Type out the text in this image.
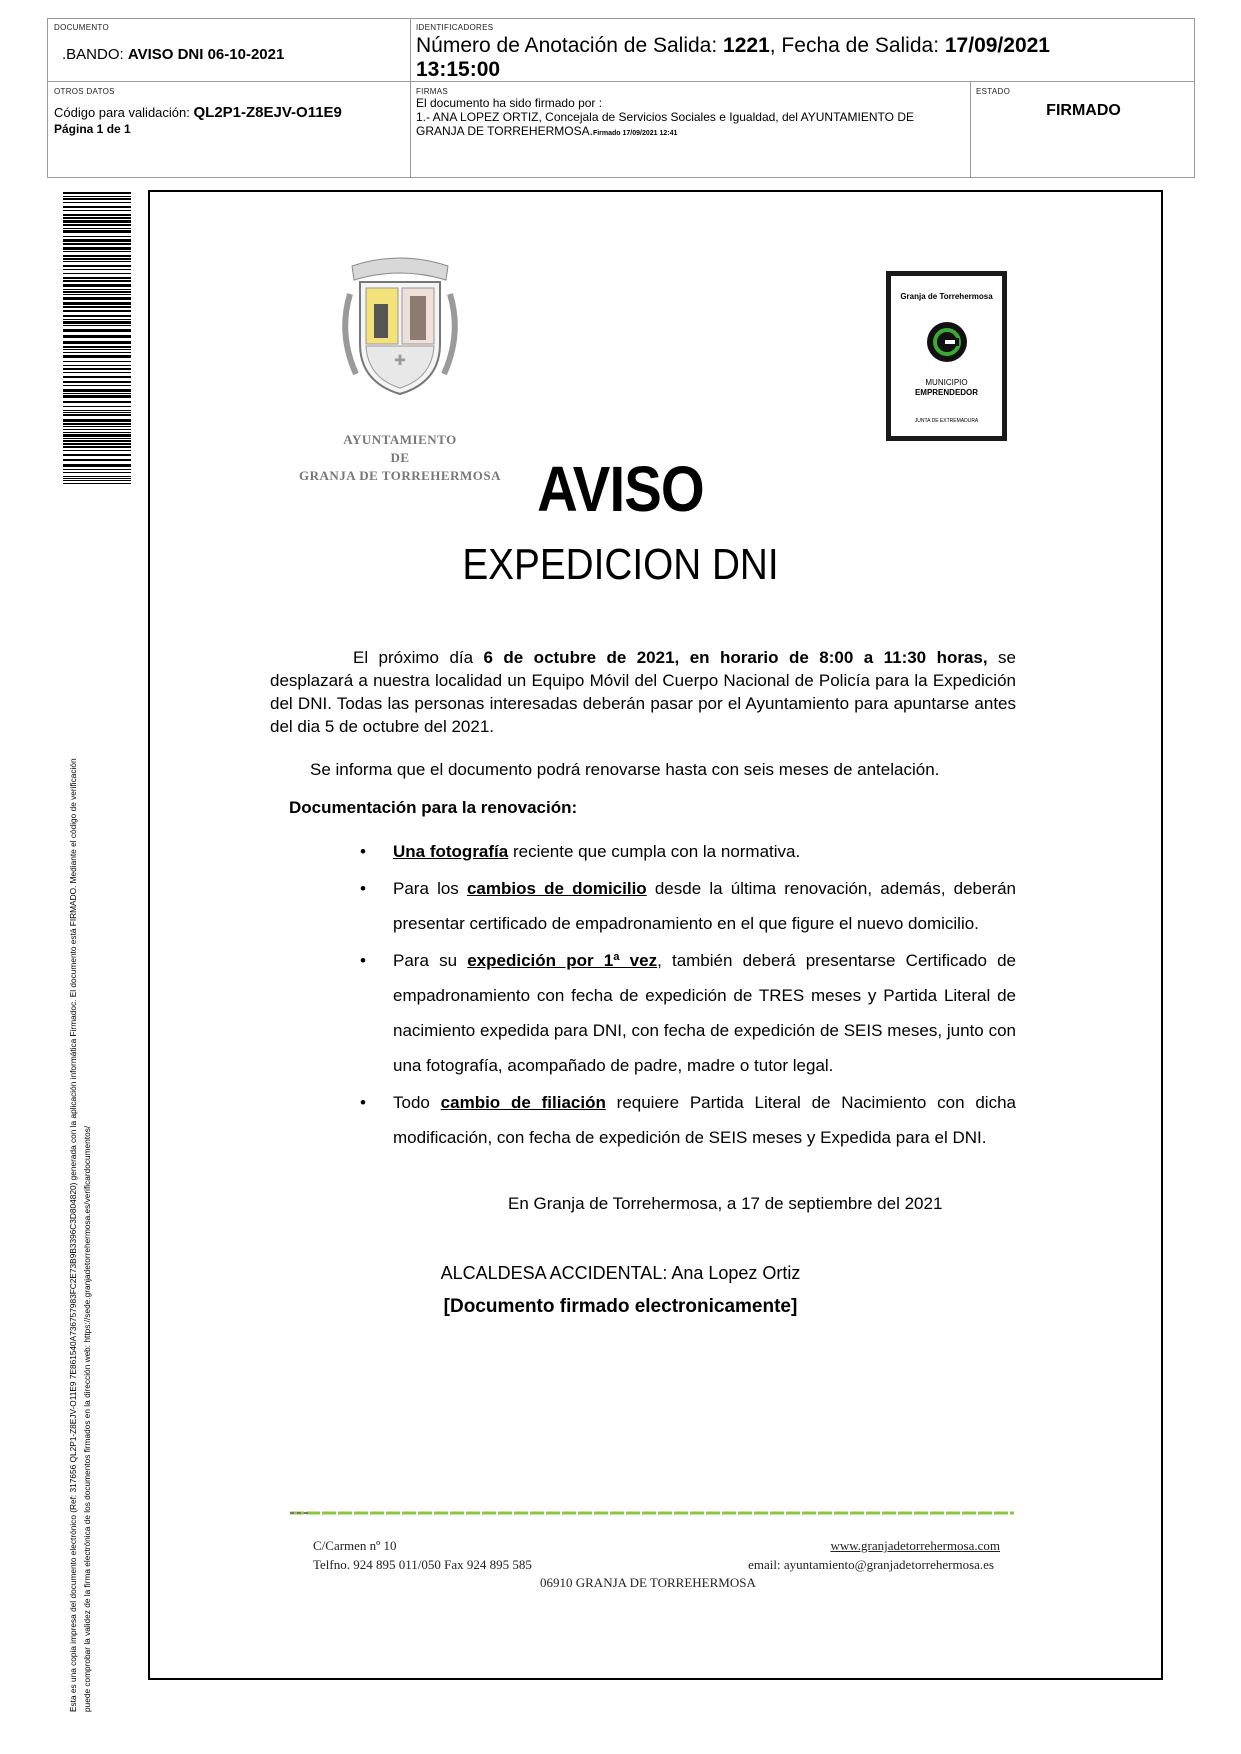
DOCUMENTO
.BANDO: AVISO DNI 06-10-2021
IDENTIFICADORES
Número de Anotación de Salida: 1221, Fecha de Salida: 17/09/2021
13:15:00
OTROS DATOS
Código para validación: QL2P1-Z8EJV-O11E9
Página 1 de 1
FIRMAS
El documento ha sido firmado por :
1.- ANA LOPEZ ORTIZ, Concejala de Servicios Sociales e Igualdad, del AYUNTAMIENTO DE
GRANJA DE TORREHERMOSA.Firmado 17/09/2021 12:41
ESTADO
FIRMADO
Esta es una copia impresa del documento electrónico (Ref: 317656 QL2P1-Z8EJV-O11E9 7E861540A736757983FC2E73B9B3396C3D804820) generada con la aplicación informática Firmadoc. El documento está FIRMADO. Mediante el código de verificación puede comprobar la validez de la firma electrónica de los documentos firmados en la dirección web: https://sede.granjadetorrehermosa.es/verificardocumentos/
✚
AYUNTAMIENTO
DE
GRANJA DE TORREHERMOSA
Granja de Torrehermosa
MUNICIPIO
EMPRENDEDOR
JUNTA DE EXTREMADURA
AVISO
EXPEDICION DNI
El próximo día 6 de octubre de 2021, en horario de 8:00 a 11:30 horas, se desplazará a nuestra localidad un Equipo Móvil del Cuerpo Nacional de Policía para la Expedición del DNI. Todas las personas interesadas deberán pasar por el Ayuntamiento para apuntarse antes del dia 5 de octubre del 2021.
Se informa que el documento podrá renovarse hasta con seis meses de antelación.
Documentación para la renovación:
• Una fotografía reciente que cumpla con la normativa.
• Para los cambios de domicilio desde la última renovación, además, deberán presentar certificado de empadronamiento en el que figure el nuevo domicilio.
• Para su expedición por 1ª vez, también deberá presentarse Certificado de empadronamiento con fecha de expedición de TRES meses y Partida Literal de nacimiento expedida para DNI, con fecha de expedición de SEIS meses, junto con una fotografía, acompañado de padre, madre o tutor legal.
• Todo cambio de filiación requiere Partida Literal de Nacimiento con dicha modificación, con fecha de expedición de SEIS meses y Expedida para el DNI.
En Granja de Torrehermosa, a 17 de septiembre del 2021
ALCALDESA ACCIDENTAL: Ana Lopez Ortiz
[Documento firmado electronicamente]
C/Carmen nº 10
Telfno. 924 895 011/050 Fax 924 895 585
www.granjadetorrehermosa.com
email: ayuntamiento@granjadetorrehermosa.es
06910 GRANJA DE TORREHERMOSA
